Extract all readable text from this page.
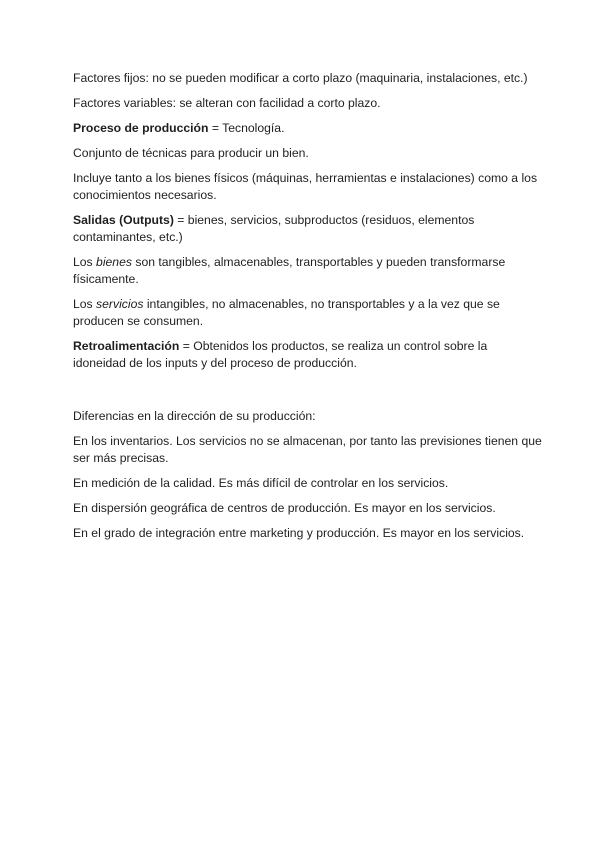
Factores fijos: no se pueden modificar a corto plazo (maquinaria, instalaciones, etc.)

Factores variables: se alteran con facilidad a corto plazo.

Proceso de producción = Tecnología.

Conjunto de técnicas para producir un bien.

Incluye tanto a los bienes físicos (máquinas, herramientas e instalaciones) como a los conocimientos necesarios.

Salidas (Outputs) = bienes, servicios, subproductos (residuos, elementos contaminantes, etc.)

Los bienes son tangibles, almacenables, transportables y pueden transformarse físicamente.

Los servicios intangibles, no almacenables, no transportables y a la vez que se producen se consumen.

Retroalimentación = Obtenidos los productos, se realiza un control sobre la idoneidad de los inputs y del proceso de producción.

Diferencias en la dirección de su producción:

En los inventarios. Los servicios no se almacenan, por tanto las previsiones tienen que ser más precisas.

En medición de la calidad. Es más difícil de controlar en los servicios.

En dispersión geográfica de centros de producción. Es mayor en los servicios.

En el grado de integración entre marketing y producción. Es mayor en los servicios.
